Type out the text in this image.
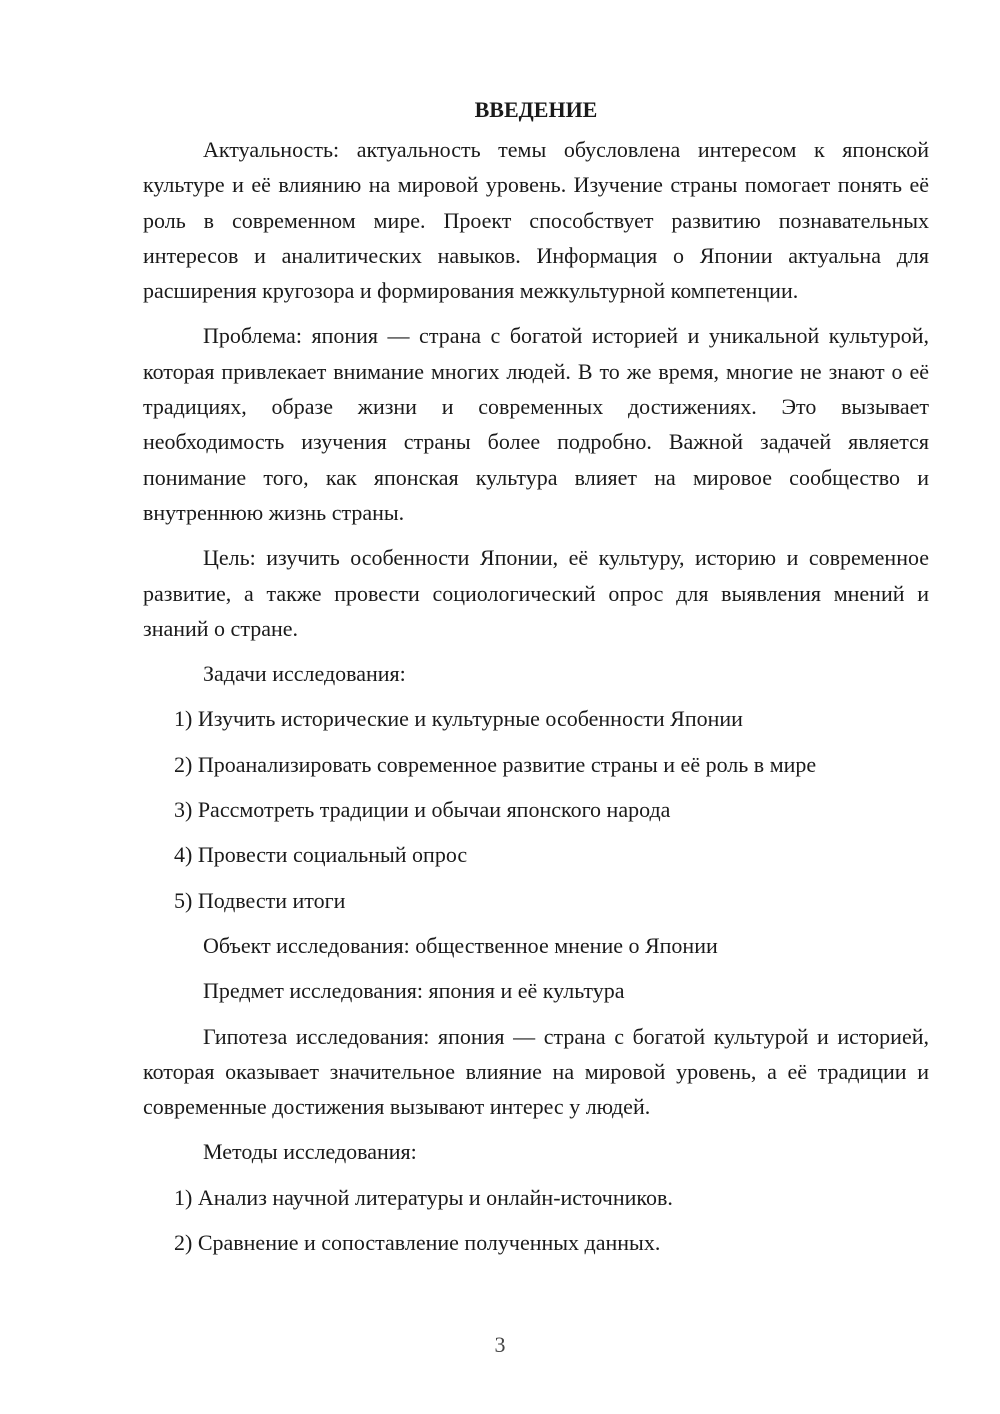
ВВЕДЕНИЕ

Актуальность: актуальность темы обусловлена интересом к японской культуре и её влиянию на мировой уровень. Изучение страны помогает понять её роль в современном мире. Проект способствует развитию познавательных интересов и аналитических навыков. Информация о Японии актуальна для расширения кругозора и формирования межкультурной компетенции.

Проблема: япония — страна с богатой историей и уникальной культурой, которая привлекает внимание многих людей. В то же время, многие не знают о её традициях, образе жизни и современных достижениях. Это вызывает необходимость изучения страны более подробно. Важной задачей является понимание того, как японская культура влияет на мировое сообщество и внутреннюю жизнь страны.

Цель: изучить особенности Японии, её культуру, историю и современное развитие, а также провести социологический опрос для выявления мнений и знаний о стране.

Задачи исследования:

1) Изучить исторические и культурные особенности Японии

2) Проанализировать современное развитие страны и её роль в мире

3) Рассмотреть традиции и обычаи японского народа

4) Провести социальный опрос

5) Подвести итоги

Объект исследования: общественное мнение о Японии

Предмет исследования: япония и её культура

Гипотеза исследования: япония — страна с богатой культурой и историей, которая оказывает значительное влияние на мировой уровень, а её традиции и современные достижения вызывают интерес у людей.

Методы исследования:

1) Анализ научной литературы и онлайн-источников.

2) Сравнение и сопоставление полученных данных.

3
